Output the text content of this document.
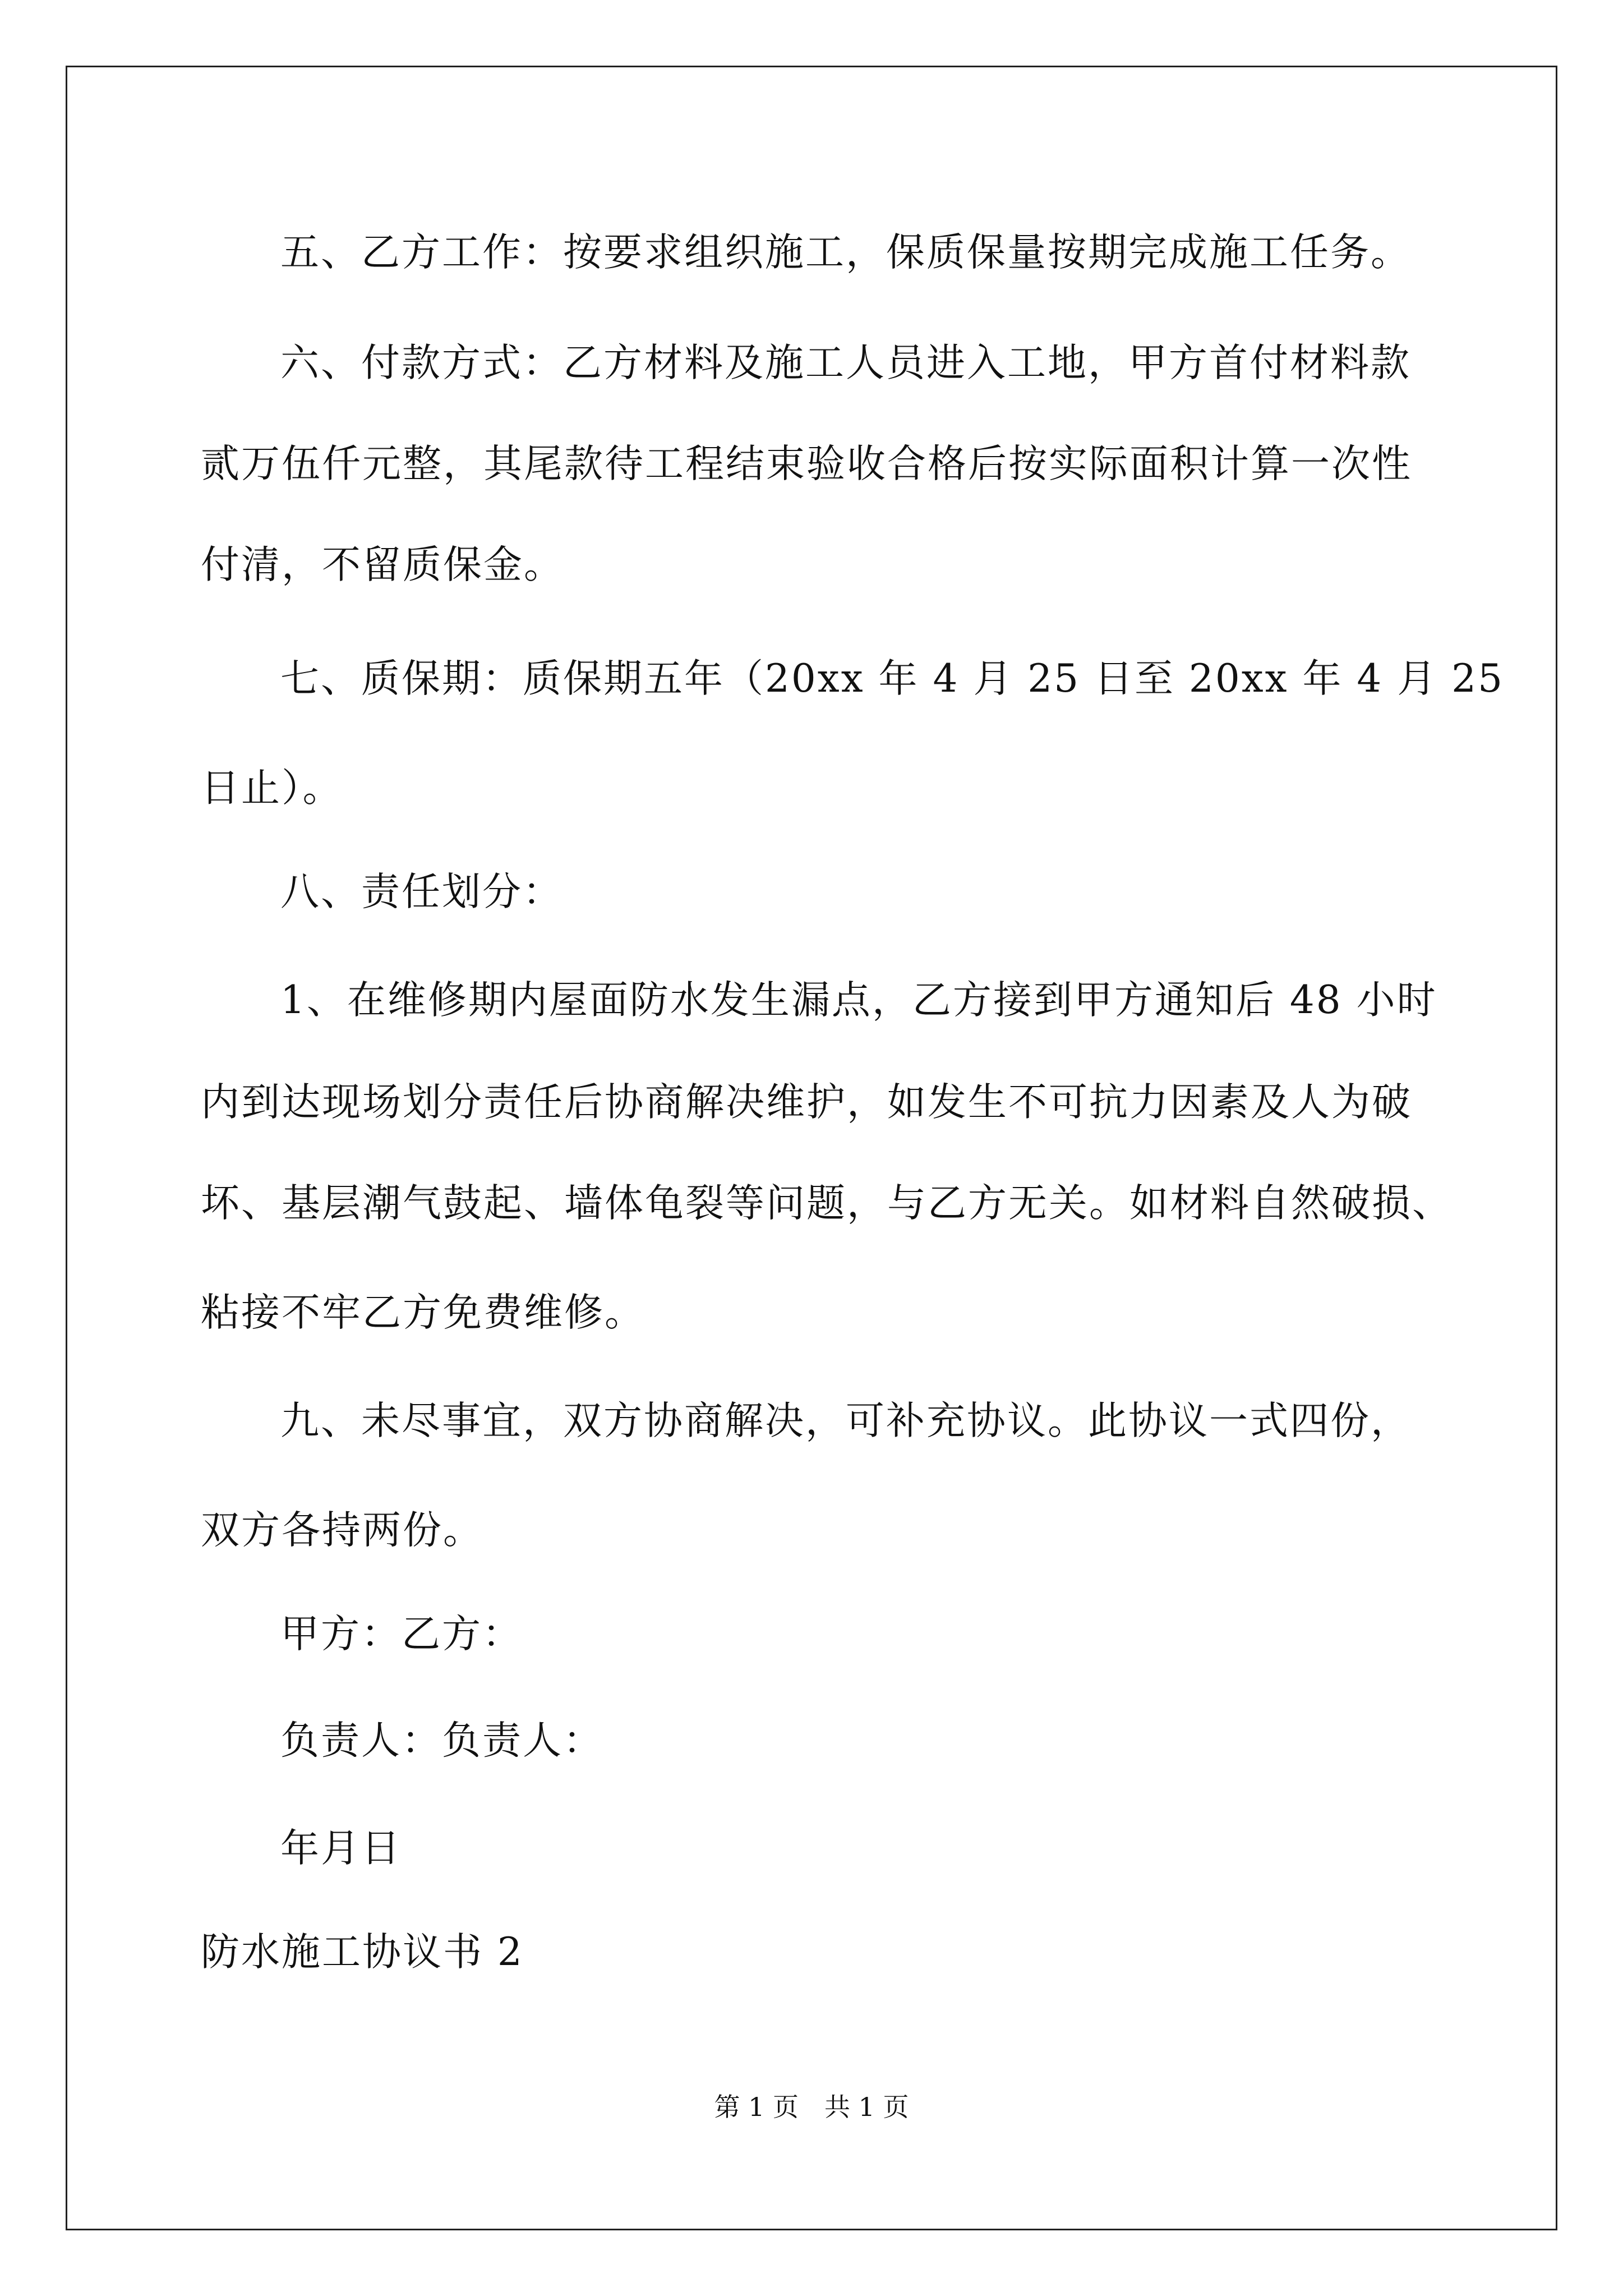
五、乙方工作：按要求组织施工，保质保量按期完成施工任务。
六、付款方式：乙方材料及施工人员进入工地，甲方首付材料款
贰万伍仟元整，其尾款待工程结束验收合格后按实际面积计算一次性
付清，不留质保金。
七、质保期：质保期五年（20xx 年 4 月 25 日至 20xx 年 4 月 25
日止）。
八、责任划分：
1、在维修期内屋面防水发生漏点，乙方接到甲方通知后 48 小时
内到达现场划分责任后协商解决维护，如发生不可抗力因素及人为破
坏、基层潮气鼓起、墙体龟裂等问题，与乙方无关。如材料自然破损、
粘接不牢乙方免费维修。
九、未尽事宜，双方协商解决，可补充协议。此协议一式四份，
双方各持两份。
甲方：乙方：
负责人：负责人：
年月日
防水施工协议书 2
第 1 页 共 1 页
